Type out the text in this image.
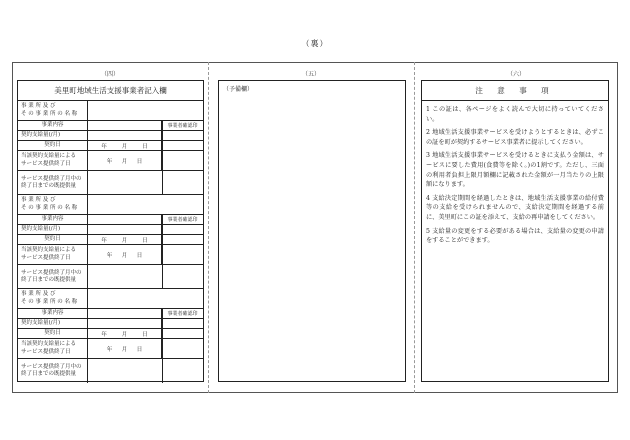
（裏）
（四）	（五）	（六）
美里町地域生活支援事業者記入欄
事 業 所 及 び
そ の 事 業 所 の 名 称
事業内容	事業者確認印
契約支給量(/月)
契約日	年	月	日
当該契約支給量による
サービス提供終了日	年 月 日
サービス提供終了月中の
終了日までの既提供量
事 業 所 及 び
そ の 事 業 所 の 名 称
事業内容	事業者確認印
契約支給量(/月)
契約日	年	月	日
当該契約支給量による
サービス提供終了日	年 月 日
サービス提供終了月中の
終了日までの既提供量
事 業 所 及 び
そ の 事 業 所 の 名 称
事業内容	事業者確認印
契約支給量(/月)
契約日	年	月	日
当該契約支給量による
サービス提供終了日	年 月 日
サービス提供終了月中の
終了日までの既提供量
（予備欄）	注 意 事 項

1 この証は、各ページをよく読んで大切に持っていてください。

2 地域生活支援事業サービスを受けようとするときは、必ずこの証を町が契約するサービス事業者に提示してください。

3 地域生活支援事業サービスを受けるときに支払う金額は、サービスに要した費用(食費等を除く。)の1割です。ただし、三面の利用者負担上限月額欄に記載された金額が一月当たりの上限額になります。

4 支給決定期間を経過したときは、地域生活支援事業の給付費等の支給を受けられませんので、支給決定期間を経過する前に、美里町にこの証を添えて、支給の再申請をしてください。

5 支給量の変更をする必要がある場合は、支給量の変更の申請をすることができます。
